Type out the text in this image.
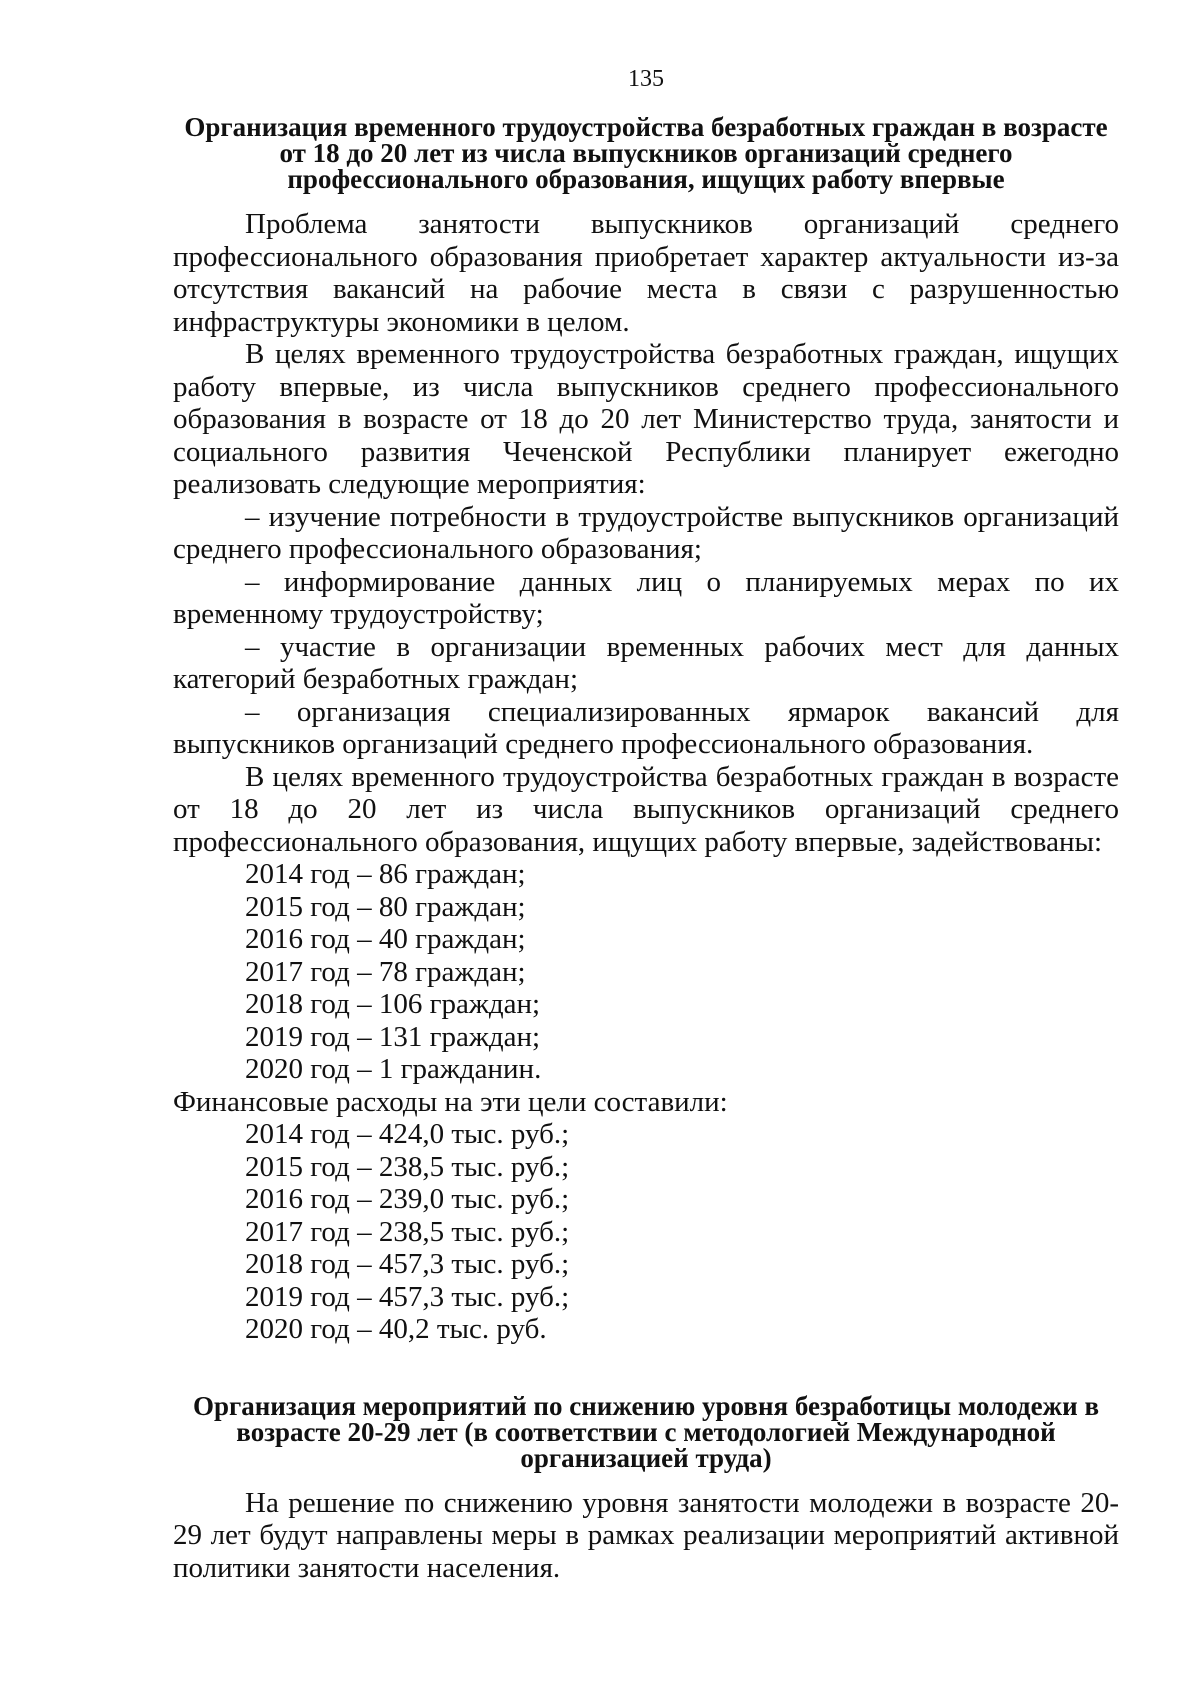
135
Организация временного трудоустройства безработных граждан в возрасте от 18 до 20 лет из числа выпускников организаций среднего профессионального образования, ищущих работу впервые

Проблема занятости выпускников организаций среднего профессионального образования приобретает характер актуальности из-за отсутствия вакансий на рабочие места в связи с разрушенностью инфраструктуры экономики в целом.

В целях временного трудоустройства безработных граждан, ищущих работу впервые, из числа выпускников среднего профессионального образования в возрасте от 18 до 20 лет Министерство труда, занятости и социального развития Чеченской Республики планирует ежегодно реализовать следующие мероприятия:

– изучение потребности в трудоустройстве выпускников организаций среднего профессионального образования;

– информирование данных лиц о планируемых мерах по их временному трудоустройству;

– участие в организации временных рабочих мест для данных категорий безработных граждан;

– организация специализированных ярмарок вакансий для выпускников организаций среднего профессионального образования.

В целях временного трудоустройства безработных граждан в возрасте от 18 до 20 лет из числа выпускников организаций среднего профессионального образования, ищущих работу впервые, задействованы:

2014 год – 86 граждан;
2015 год – 80 граждан;
2016 год – 40 граждан;
2017 год – 78 граждан;
2018 год – 106 граждан;
2019 год – 131 граждан;
2020 год – 1 гражданин.

Финансовые расходы на эти цели составили:

2014 год – 424,0 тыс. руб.;
2015 год – 238,5 тыс. руб.;
2016 год – 239,0 тыс. руб.;
2017 год – 238,5 тыс. руб.;
2018 год – 457,3 тыс. руб.;
2019 год – 457,3 тыс. руб.;
2020 год – 40,2 тыс. руб.
Организация мероприятий по снижению уровня безработицы молодежи в возрасте 20-29 лет (в соответствии с методологией Международной организацией труда)

На решение по снижению уровня занятости молодежи в возрасте 20-29 лет будут направлены меры в рамках реализации мероприятий активной политики занятости населения.
